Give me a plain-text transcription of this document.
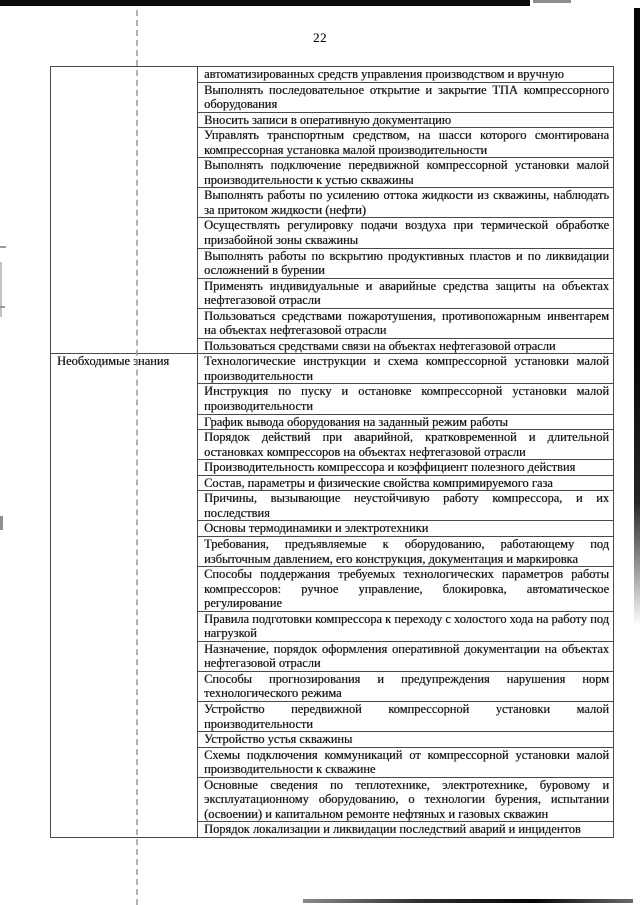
22
	автоматизированных средств управления производством и вручную
	Выполнять последовательное открытие и закрытие ТПА компрессорного оборудования
	Вносить записи в оперативную документацию
	Управлять транспортным средством, на шасси которого смонтирована компрессорная установка малой производительности
	Выполнять подключение передвижной компрессорной установки малой производительности к устью скважины
	Выполнять работы по усилению оттока жидкости из скважины, наблюдать за притоком жидкости (нефти)
	Осуществлять регулировку подачи воздуха при термической обработке призабойной зоны скважины
	Выполнять работы по вскрытию продуктивных пластов и по ликвидации осложнений в бурении
	Применять индивидуальные и аварийные средства защиты на объектах нефтегазовой отрасли
	Пользоваться средствами пожаротушения, противопожарным инвентарем на объектах нефтегазовой отрасли
	Пользоваться средствами связи на объектах нефтегазовой отрасли
Необходимые знания	Технологические инструкции и схема компрессорной установки малой производительности
	Инструкция по пуску и остановке компрессорной установки малой производительности
	График вывода оборудования на заданный режим работы
	Порядок действий при аварийной, кратковременной и длительной остановках компрессоров на объектах нефтегазовой отрасли
	Производительность компрессора и коэффициент полезного действия
	Состав, параметры и физические свойства компримируемого газа
	Причины, вызывающие неустойчивую работу компрессора, и их последствия
	Основы термодинамики и электротехники
	Требования, предъявляемые к оборудованию, работающему под избыточным давлением, его конструкция, документация и маркировка
	Способы поддержания требуемых технологических параметров работы компрессоров: ручное управление, блокировка, автоматическое регулирование
	Правила подготовки компрессора к переходу с холостого хода на работу под нагрузкой
	Назначение, порядок оформления оперативной документации на объектах нефтегазовой отрасли
	Способы прогнозирования и предупреждения нарушения норм технологического режима
	Устройство передвижной компрессорной установки малой производительности
	Устройство устья скважины
	Схемы подключения коммуникаций от компрессорной установки малой производительности к скважине
	Основные сведения по теплотехнике, электротехнике, буровому и эксплуатационному оборудованию, о технологии бурения, испытании (освоении) и капитальном ремонте нефтяных и газовых скважин
	Порядок локализации и ликвидации последствий аварий и инцидентов
